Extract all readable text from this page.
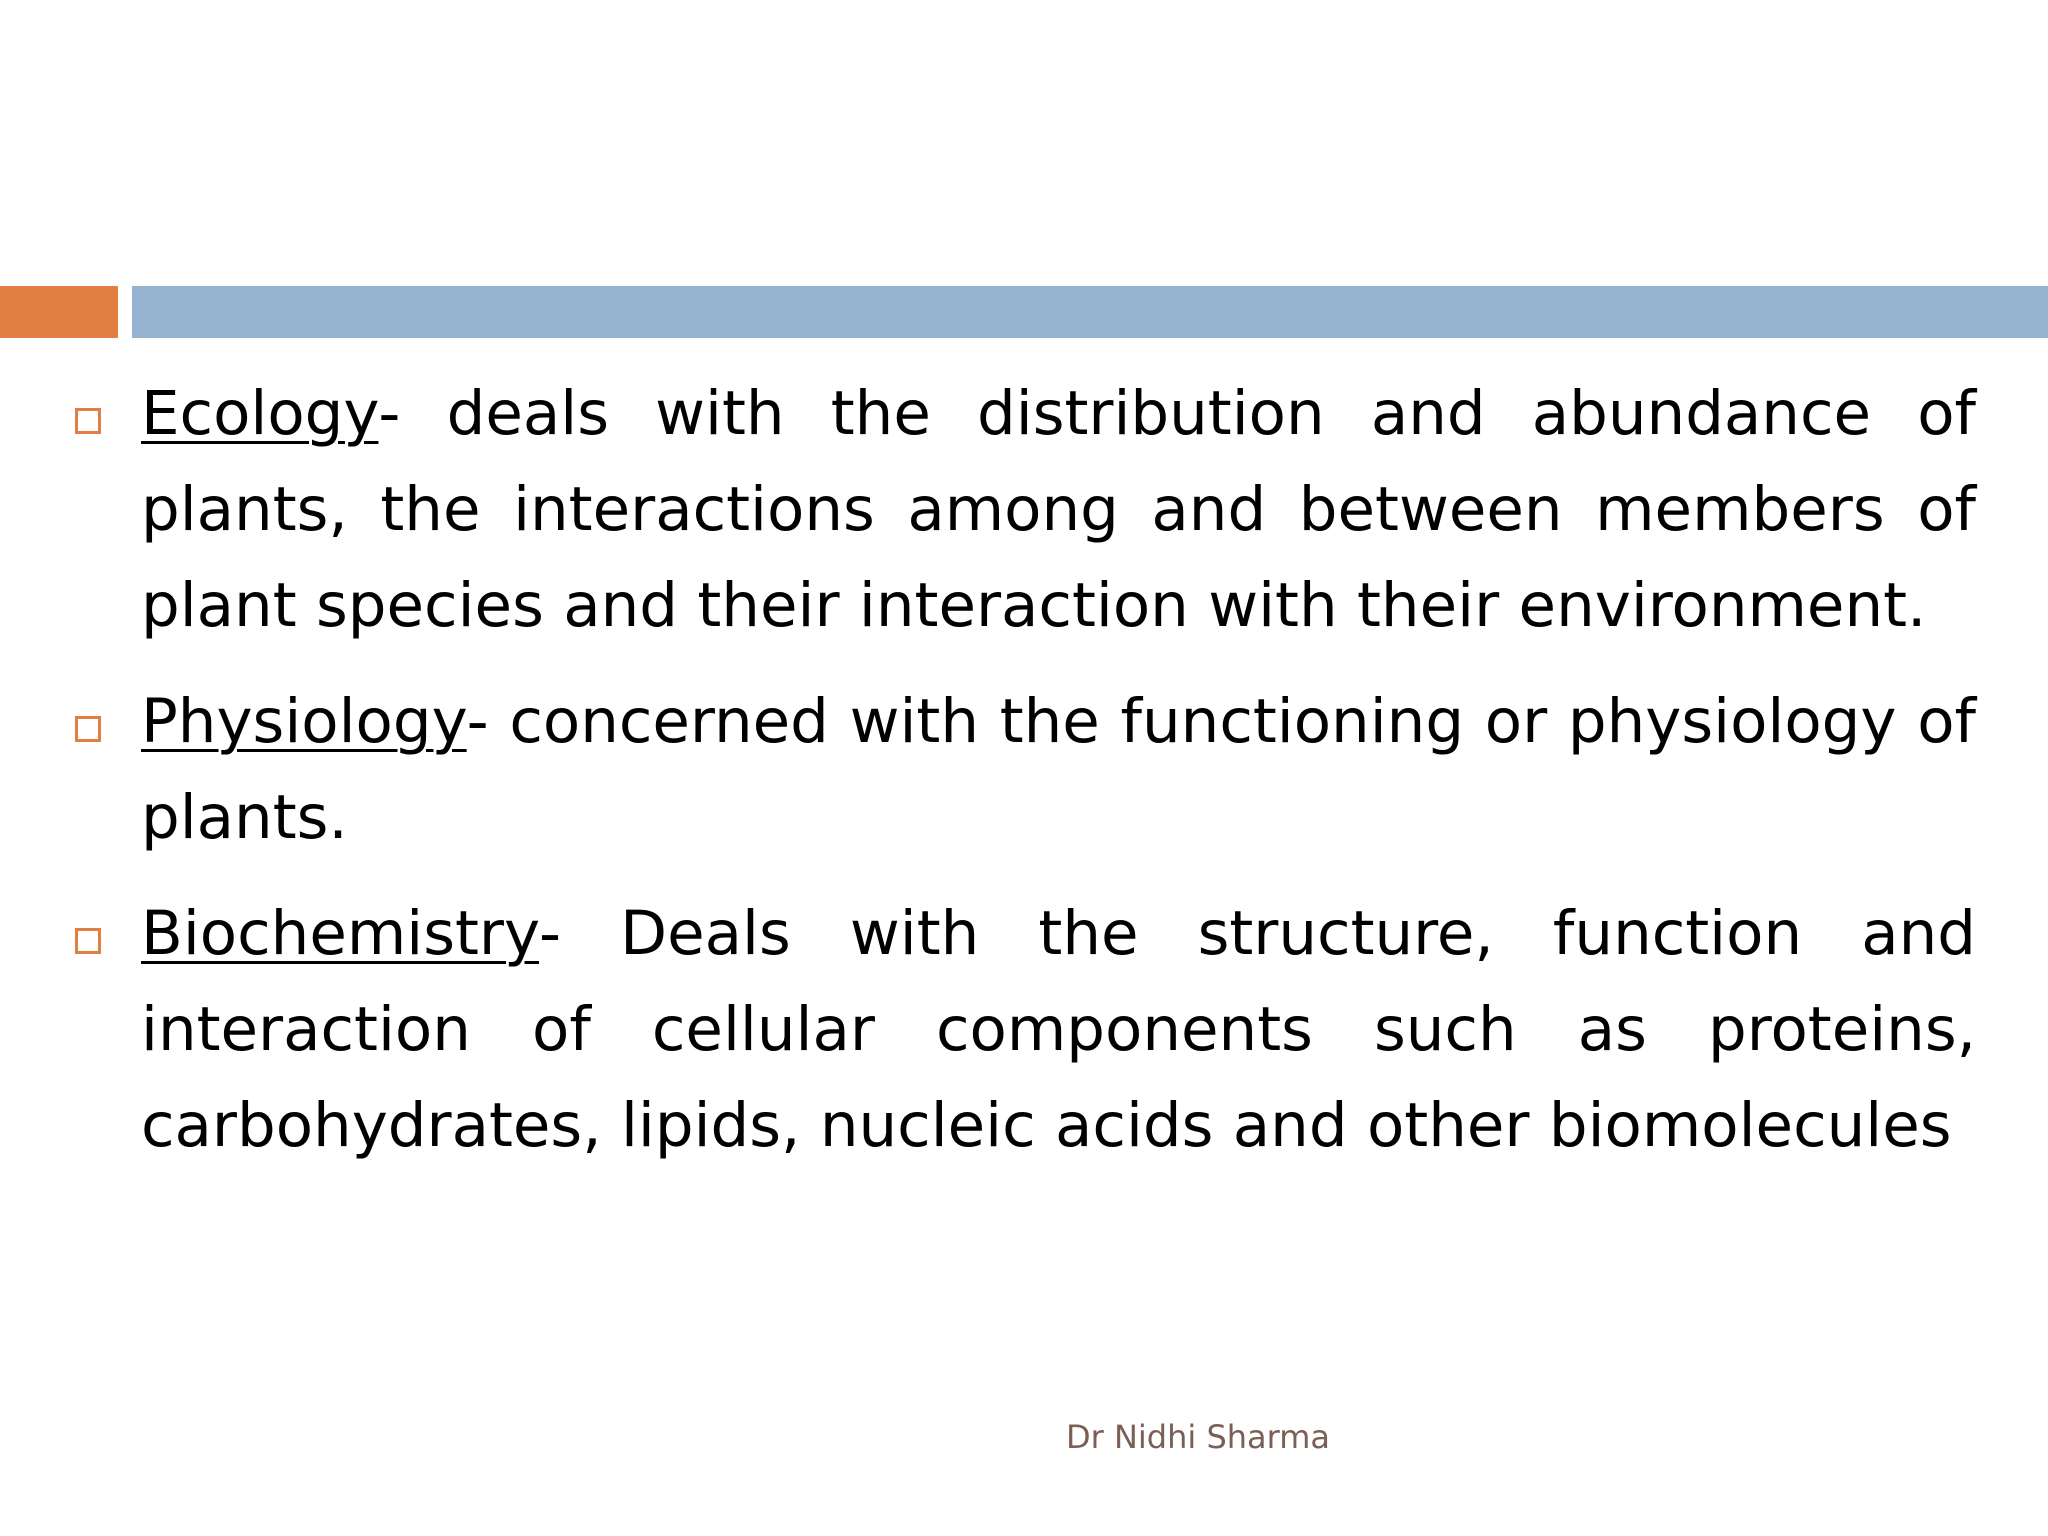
Ecology- deals with the distribution and abundance of plants, the interactions among and between members of plant species and their interaction with their environment.
Physiology- concerned with the functioning or physiology of plants.
Biochemistry- Deals with the structure, function and interaction of cellular components such as proteins, carbohydrates, lipids, nucleic acids and other biomolecules
Dr Nidhi Sharma
